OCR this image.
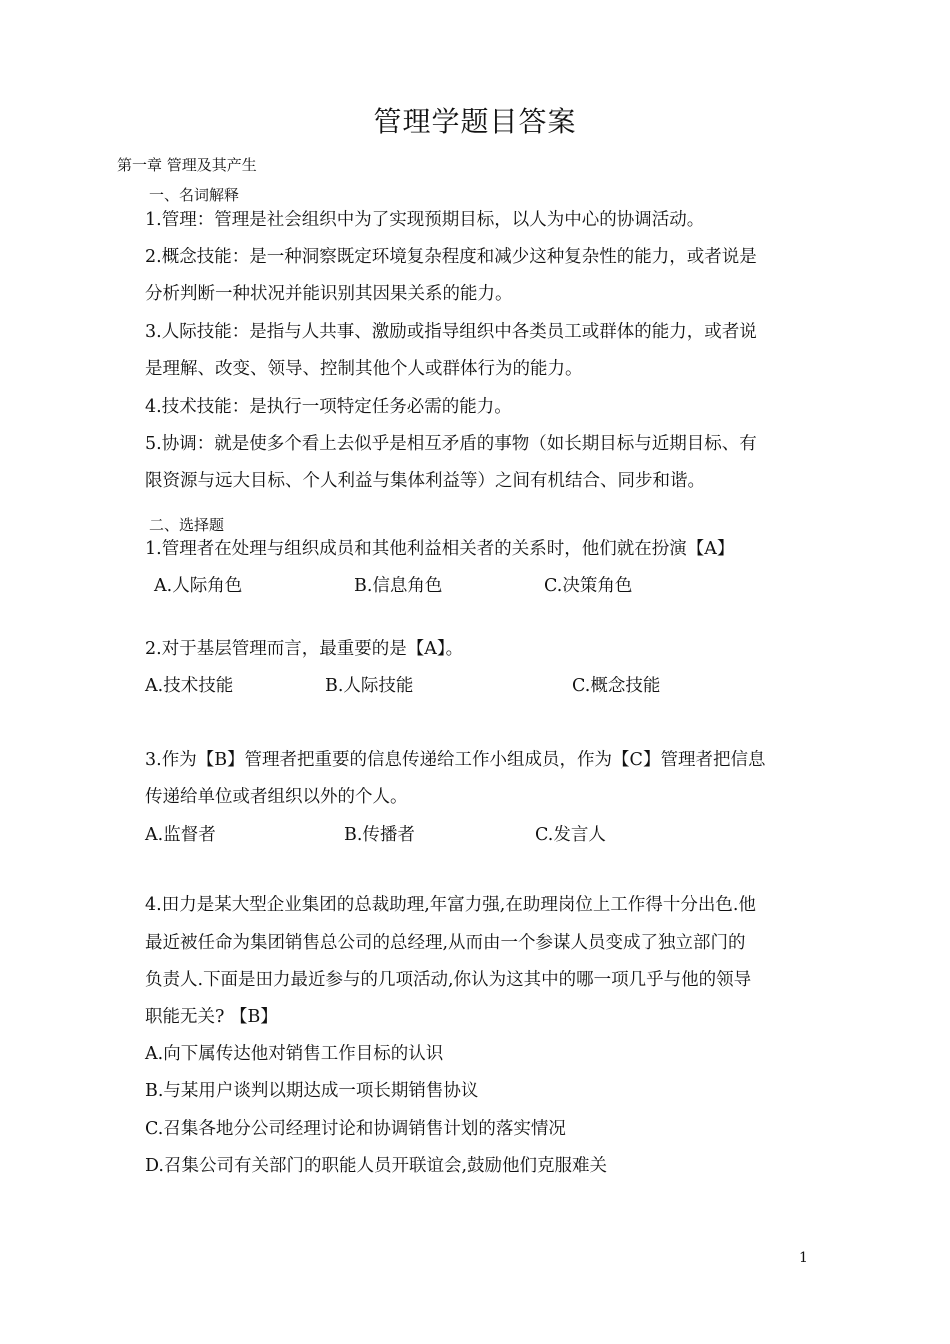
管理学题目答案
第一章 管理及其产生
一、名词解释
1.管理：管理是社会组织中为了实现预期目标，以人为中心的协调活动。
2.概念技能：是一种洞察既定环境复杂程度和减少这种复杂性的能力，或者说是
分析判断一种状况并能识别其因果关系的能力。
3.人际技能：是指与人共事、激励或指导组织中各类员工或群体的能力，或者说
是理解、改变、领导、控制其他个人或群体行为的能力。
4.技术技能：是执行一项特定任务必需的能力。
5.协调：就是使多个看上去似乎是相互矛盾的事物（如长期目标与近期目标、有
限资源与远大目标、个人利益与集体利益等）之间有机结合、同步和谐。
二、选择题
1.管理者在处理与组织成员和其他利益相关者的关系时，他们就在扮演【A】
A.人际角色	B.信息角色	C.决策角色
2.对于基层管理而言，最重要的是【A】。
A.技术技能	B.人际技能	C.概念技能
3.作为【B】管理者把重要的信息传递给工作小组成员，作为【C】管理者把信息
传递给单位或者组织以外的个人。
A.监督者	B.传播者	C.发言人
4.田力是某大型企业集团的总裁助理,年富力强,在助理岗位上工作得十分出色.他
最近被任命为集团销售总公司的总经理,从而由一个参谋人员变成了独立部门的
负责人.下面是田力最近参与的几项活动,你认为这其中的哪一项几乎与他的领导
职能无关? 【B】
A.向下属传达他对销售工作目标的认识
B.与某用户谈判以期达成一项长期销售协议
C.召集各地分公司经理讨论和协调销售计划的落实情况
D.召集公司有关部门的职能人员开联谊会,鼓励他们克服难关
1
